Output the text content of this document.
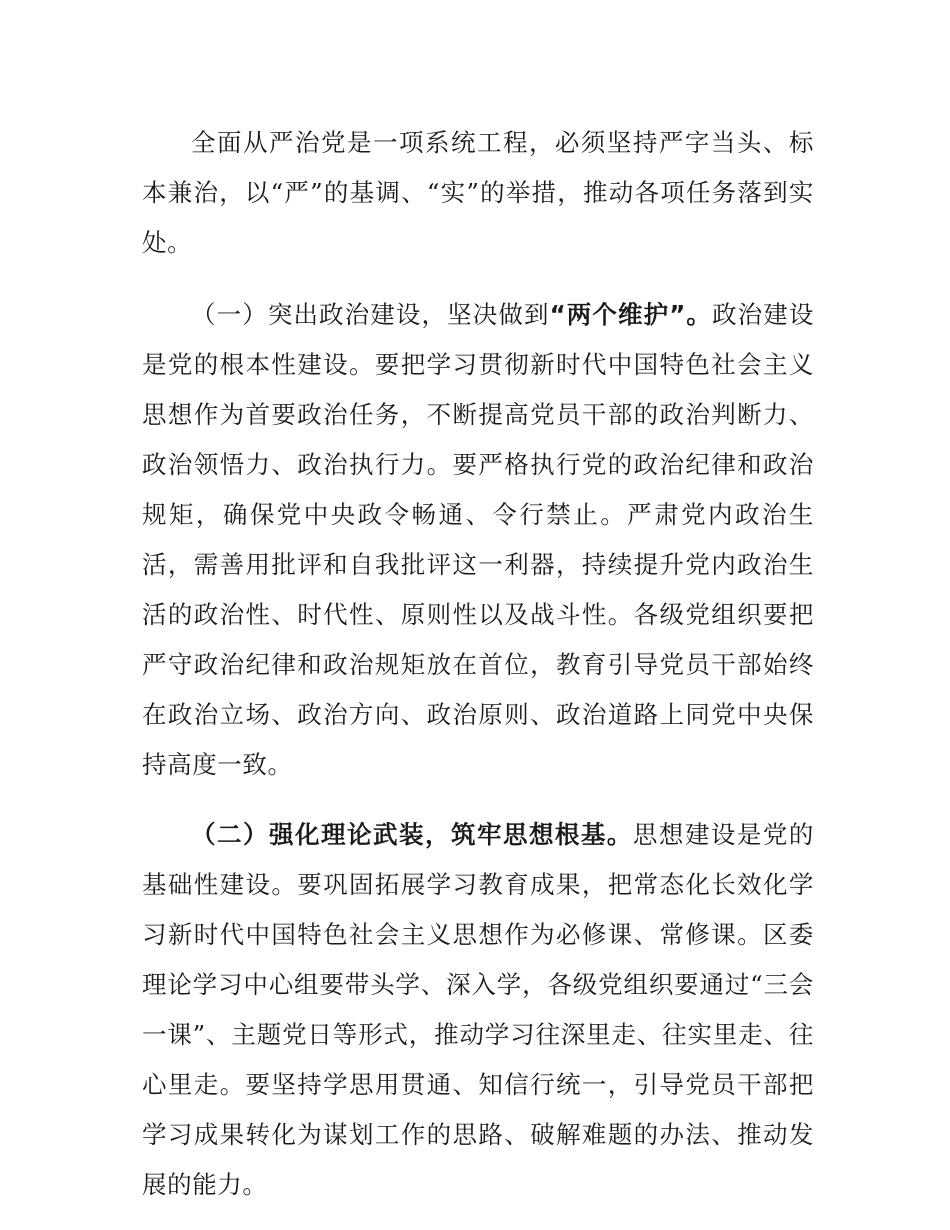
全面从严治党是一项系统工程，必须坚持严字当头、标本兼治，以“严”的基调、“实”的举措，推动各项任务落到实处。

（一）突出政治建设，坚决做到“两个维护”。政治建设是党的根本性建设。要把学习贯彻新时代中国特色社会主义思想作为首要政治任务，不断提高党员干部的政治判断力、政治领悟力、政治执行力。要严格执行党的政治纪律和政治规矩，确保党中央政令畅通、令行禁止。严肃党内政治生活，需善用批评和自我批评这一利器，持续提升党内政治生活的政治性、时代性、原则性以及战斗性。各级党组织要把严守政治纪律和政治规矩放在首位，教育引导党员干部始终在政治立场、政治方向、政治原则、政治道路上同党中央保持高度一致。

（二）强化理论武装，筑牢思想根基。思想建设是党的基础性建设。要巩固拓展学习教育成果，把常态化长效化学习新时代中国特色社会主义思想作为必修课、常修课。区委理论学习中心组要带头学、深入学，各级党组织要通过“三会一课”、主题党日等形式，推动学习往深里走、往实里走、往心里走。要坚持学思用贯通、知信行统一，引导党员干部把学习成果转化为谋划工作的思路、破解难题的办法、推动发展的能力。
